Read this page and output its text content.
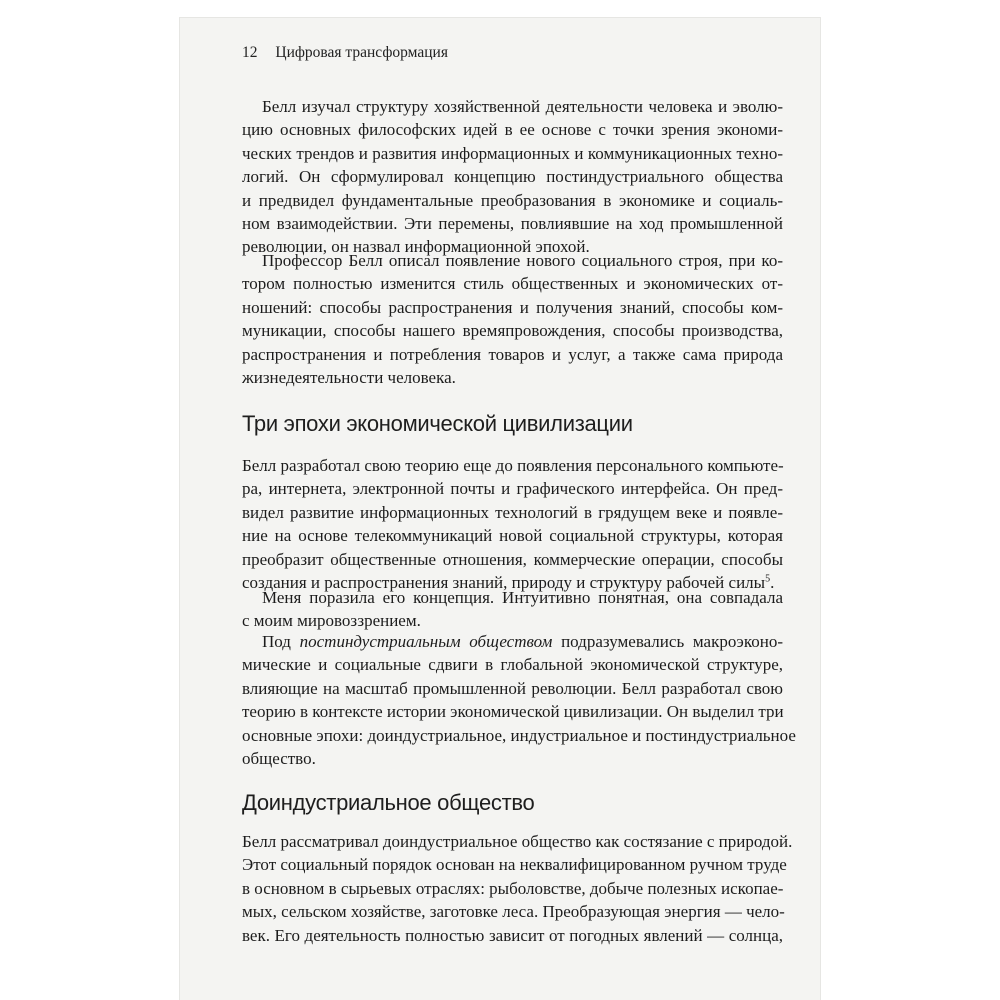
12 Цифровая трансформация
Белл изучал структуру хозяйственной деятельности человека и эволю-
цию основных философских идей в ее основе с точки зрения экономи-
ческих трендов и развития информационных и коммуникационных техно-
логий. Он сформулировал концепцию постиндустриального общества
и предвидел фундаментальные преобразования в экономике и социаль-
ном взаимодействии. Эти перемены, повлиявшие на ход промышленной
революции, он назвал информационной эпохой.
Профессор Белл описал появление нового социального строя, при ко-
тором полностью изменится стиль общественных и экономических от-
ношений: способы распространения и получения знаний, способы ком-
муникации, способы нашего времяпровождения, способы производства,
распространения и потребления товаров и услуг, а также сама природа
жизнедеятельности человека.
Три эпохи экономической цивилизации
Белл разработал свою теорию еще до появления персонального компьюте-
ра, интернета, электронной почты и графического интерфейса. Он пред-
видел развитие информационных технологий в грядущем веке и появле-
ние на основе телекоммуникаций новой социальной структуры, которая
преобразит общественные отношения, коммерческие операции, способы
создания и распространения знаний, природу и структуру рабочей силы$^5$.
Меня поразила его концепция. Интуитивно понятная, она совпадала
с моим мировоззрением.
Под постиндустриальным обществом подразумевались макроэконо-
мические и социальные сдвиги в глобальной экономической структуре,
влияющие на масштаб промышленной революции. Белл разработал свою
теорию в контексте истории экономической цивилизации. Он выделил три
основные эпохи: доиндустриальное, индустриальное и постиндустриальное
общество.
Доиндустриальное общество
Белл рассматривал доиндустриальное общество как состязание с природой.
Этот социальный порядок основан на неквалифицированном ручном труде
в основном в сырьевых отраслях: рыболовстве, добыче полезных ископае-
мых, сельском хозяйстве, заготовке леса. Преобразующая энергия — чело-
век. Его деятельность полностью зависит от погодных явлений — солнца,
